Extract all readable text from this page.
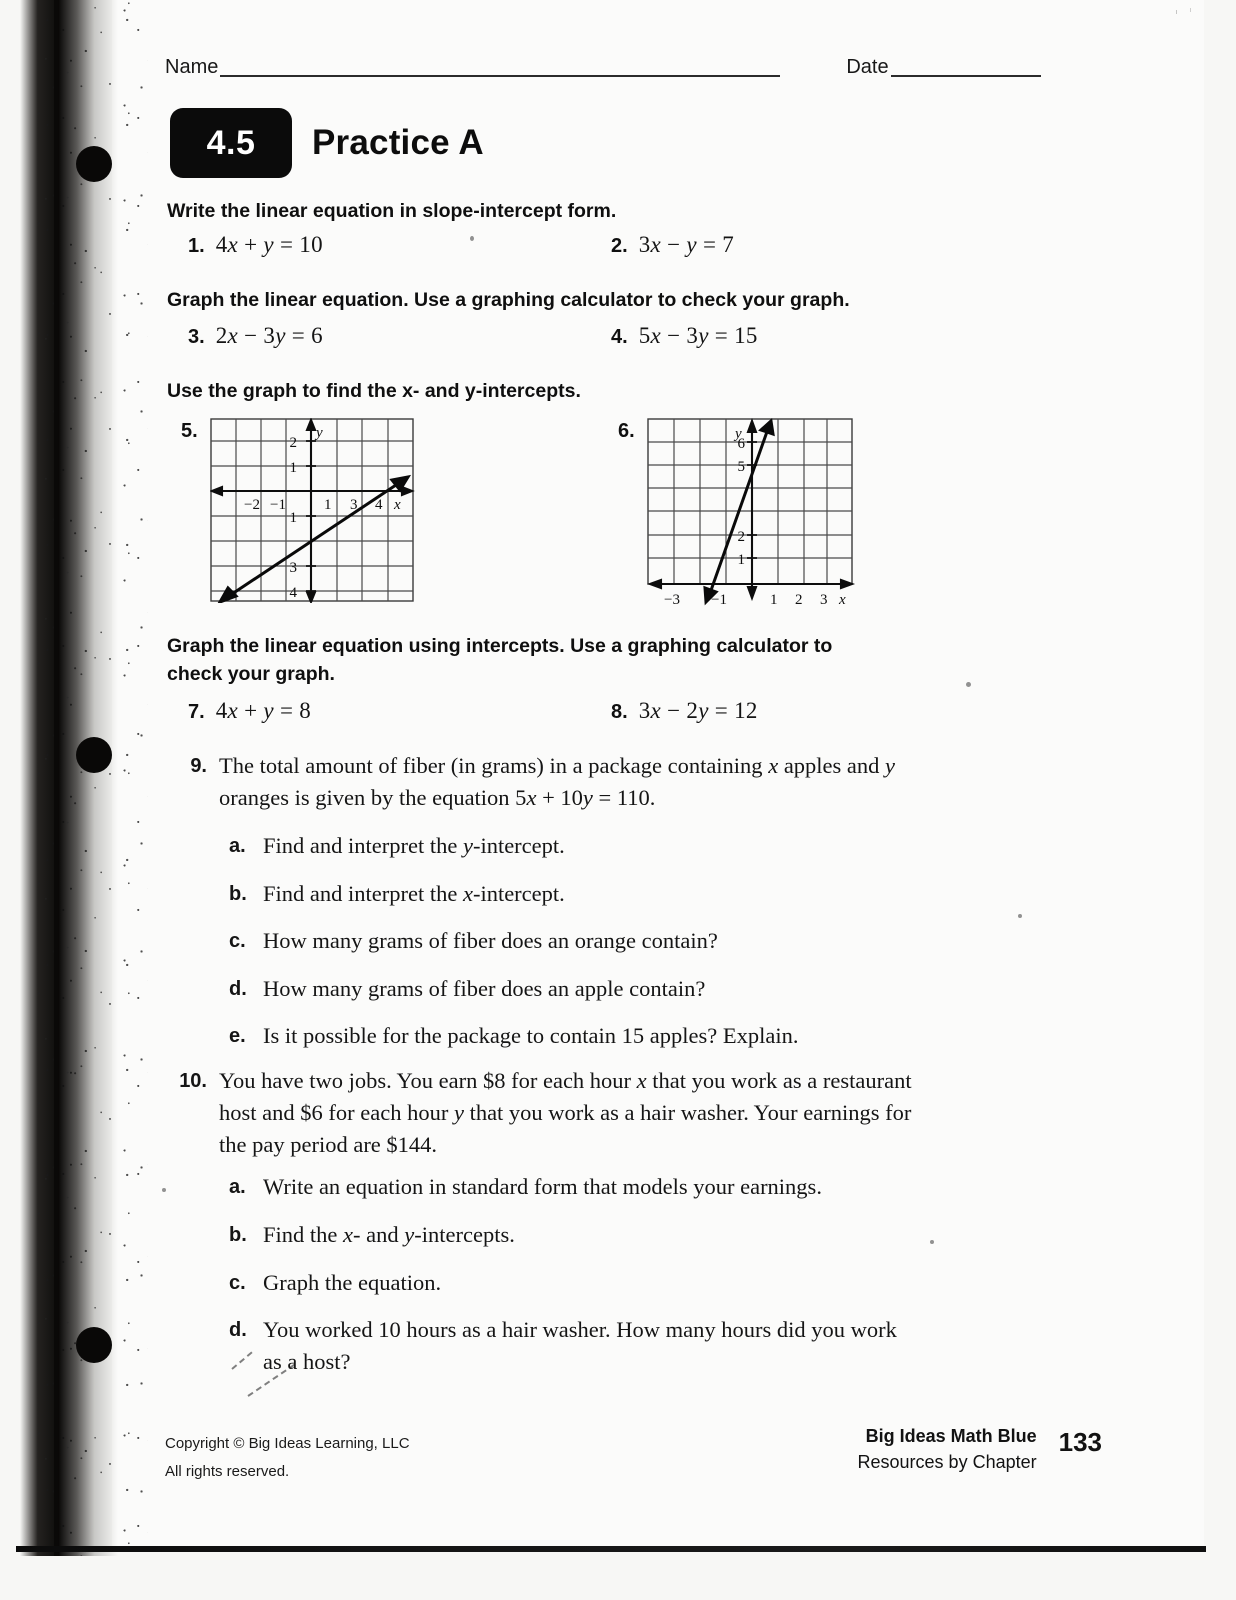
Name	Date
4.5	Practice A
Write the linear equation in slope-intercept form.
1. 4x + y = 10	2. 3x − y = 7
Graph the linear equation. Use a graphing calculator to check your graph.
3. 2x − 3y = 6	4. 5x − 3y = 15
Use the graph to find the x- and y-intercepts.
5.
2
1
1
3
4
−2 −1	1 3 4 x
y	6.
6
5
2
1
−3 −1	1 2 3 x
y
Graph the linear equation using intercepts. Use a graphing calculator to check your graph.
7. 4x + y = 8	8. 3x − 2y = 12
9. The total amount of fiber (in grams) in a package containing x apples and y oranges is given by the equation 5x + 10y = 110.
a. Find and interpret the y-intercept.
b. Find and interpret the x-intercept.
c. How many grams of fiber does an orange contain?
d. How many grams of fiber does an apple contain?
e. Is it possible for the package to contain 15 apples? Explain.
10. You have two jobs. You earn $8 for each hour x that you work as a restaurant host and $6 for each hour y that you work as a hair washer. Your earnings for the pay period are $144.
a. Write an equation in standard form that models your earnings.
b. Find the x- and y-intercepts.
c. Graph the equation.
d. You worked 10 hours as a hair washer. How many hours did you work as a host?
Copyright © Big Ideas Learning, LLC
All rights reserved.
Big Ideas Math Blue
Resources by Chapter
133
